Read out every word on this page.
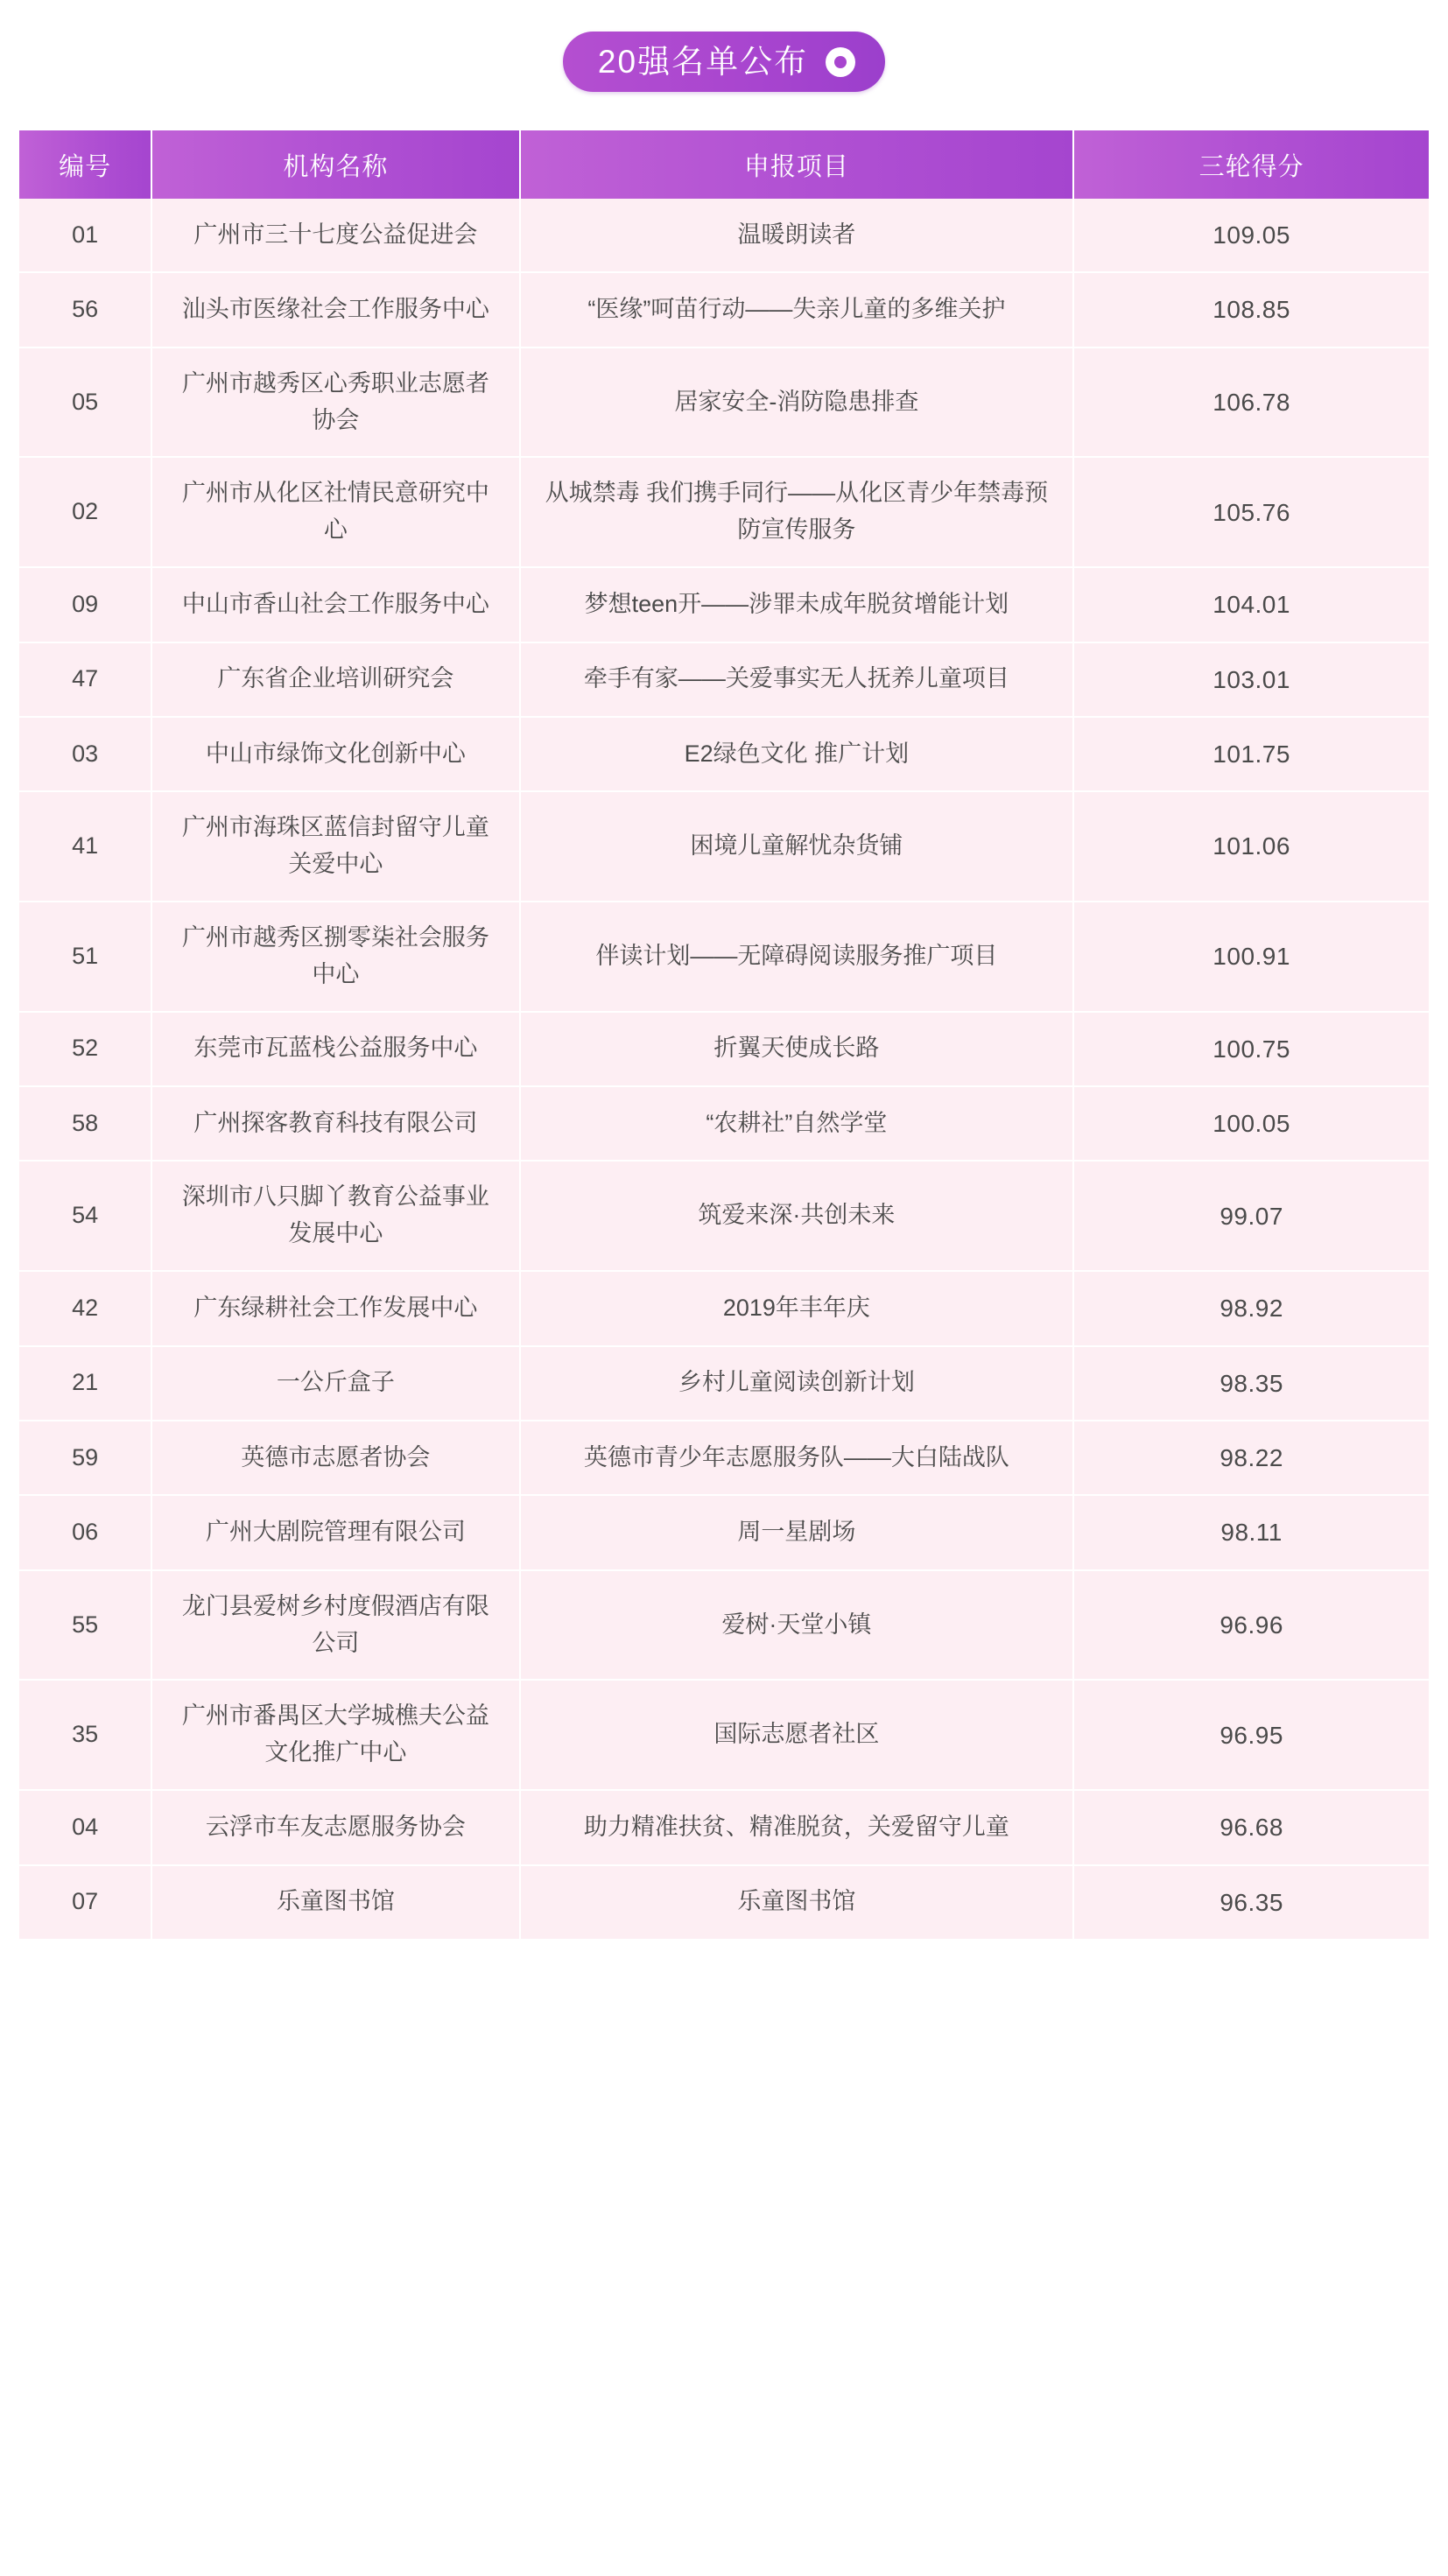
20强名单公布
编号	机构名称	申报项目	三轮得分
01	广州市三十七度公益促进会	温暖朗读者	109.05
56	汕头市医缘社会工作服务中心	“医缘”呵苗行动——失亲儿童的多维关护	108.85
05	广州市越秀区心秀职业志愿者协会	居家安全-消防隐患排查	106.78
02	广州市从化区社情民意研究中心	从城禁毒 我们携手同行——从化区青少年禁毒预防宣传服务	105.76
09	中山市香山社会工作服务中心	梦想teen开——涉罪未成年脱贫增能计划	104.01
47	广东省企业培训研究会	牵手有家——关爱事实无人抚养儿童项目	103.01
03	中山市绿饰文化创新中心	E2绿色文化 推广计划	101.75
41	广州市海珠区蓝信封留守儿童关爱中心	困境儿童解忧杂货铺	101.06
51	广州市越秀区捌零柒社会服务中心	伴读计划——无障碍阅读服务推广项目	100.91
52	东莞市瓦蓝栈公益服务中心	折翼天使成长路	100.75
58	广州探客教育科技有限公司	“农耕社”自然学堂	100.05
54	深圳市八只脚丫教育公益事业发展中心	筑爱来深·共创未来	99.07
42	广东绿耕社会工作发展中心	2019年丰年庆	98.92
21	一公斤盒子	乡村儿童阅读创新计划	98.35
59	英德市志愿者协会	英德市青少年志愿服务队——大白陆战队	98.22
06	广州大剧院管理有限公司	周一星剧场	98.11
55	龙门县爱树乡村度假酒店有限公司	爱树·天堂小镇	96.96
35	广州市番禺区大学城樵夫公益文化推广中心	国际志愿者社区	96.95
04	云浮市车友志愿服务协会	助力精准扶贫、精准脱贫，关爱留守儿童	96.68
07	乐童图书馆	乐童图书馆	96.35
